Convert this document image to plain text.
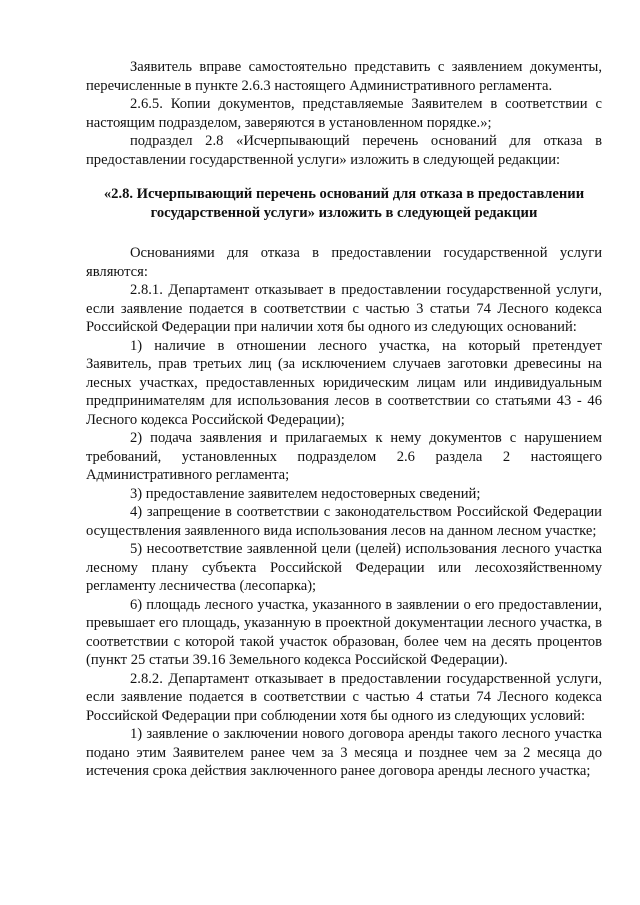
Заявитель вправе самостоятельно представить с заявлением документы, перечисленные в пункте 2.6.3 настоящего Административного регламента.

2.6.5. Копии документов, представляемые Заявителем в соответствии с настоящим подразделом, заверяются в установленном порядке.»;

подраздел 2.8 «Исчерпывающий перечень оснований для отказа в предоставлении государственной услуги» изложить в следующей редакции:

«2.8. Исчерпывающий перечень оснований для отказа в предоставлении государственной услуги» изложить в следующей редакции

Основаниями для отказа в предоставлении государственной услуги являются:

2.8.1. Департамент отказывает в предоставлении государственной услуги, если заявление подается в соответствии с частью 3 статьи 74 Лесного кодекса Российской Федерации при наличии хотя бы одного из следующих оснований:

1) наличие в отношении лесного участка, на который претендует Заявитель, прав третьих лиц (за исключением случаев заготовки древесины на лесных участках, предоставленных юридическим лицам или индивидуальным предпринимателям для использования лесов в соответствии со статьями 43 - 46 Лесного кодекса Российской Федерации);

2) подача заявления и прилагаемых к нему документов с нарушением требований, установленных подразделом 2.6 раздела 2 настоящего Административного регламента;

3) предоставление заявителем недостоверных сведений;

4) запрещение в соответствии с законодательством Российской Федерации осуществления заявленного вида использования лесов на данном лесном участке;

5) несоответствие заявленной цели (целей) использования лесного участка лесному плану субъекта Российской Федерации или лесохозяйственному регламенту лесничества (лесопарка);

6) площадь лесного участка, указанного в заявлении о его предоставлении, превышает его площадь, указанную в проектной документации лесного участка, в соответствии с которой такой участок образован, более чем на десять процентов (пункт 25 статьи 39.16 Земельного кодекса Российской Федерации).

2.8.2. Департамент отказывает в предоставлении государственной услуги, если заявление подается в соответствии с частью 4 статьи 74 Лесного кодекса Российской Федерации при соблюдении хотя бы одного из следующих условий:

1) заявление о заключении нового договора аренды такого лесного участка подано этим Заявителем ранее чем за 3 месяца и позднее чем за 2 месяца до истечения срока действия заключенного ранее договора аренды лесного участка;
